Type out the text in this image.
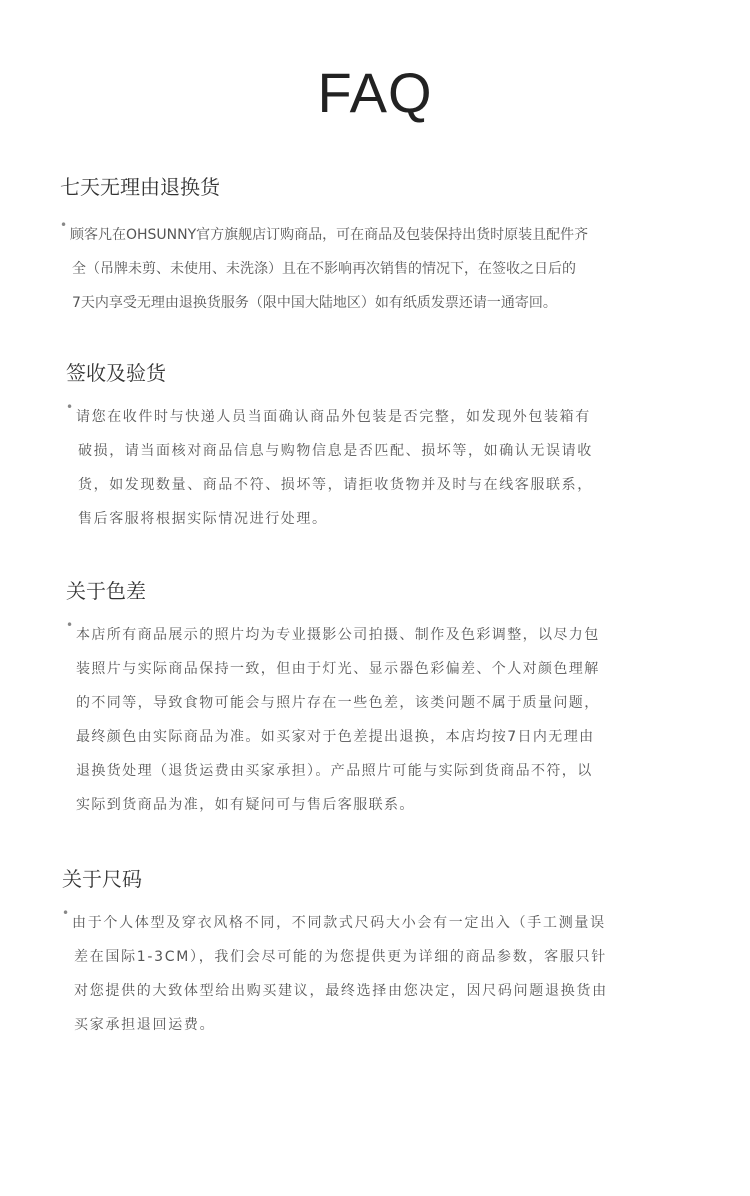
FAQ
七天无理由退换货
•
顾客凡在OHSUNNY官方旗舰店订购商品，可在商品及包装保持出货时原装且配件齐
全（吊牌未剪、未使用、未洗涤）且在不影响再次销售的情况下，在签收之日后的
7天内享受无理由退换货服务（限中国大陆地区）如有纸质发票还请一通寄回。
签收及验货
•
请您在收件时与快递人员当面确认商品外包装是否完整，如发现外包装箱有
破损，请当面核对商品信息与购物信息是否匹配、损坏等，如确认无误请收
货，如发现数量、商品不符、损坏等，请拒收货物并及时与在线客服联系，
售后客服将根据实际情况进行处理。
关于色差
•
本店所有商品展示的照片均为专业摄影公司拍摄、制作及色彩调整，以尽力包
装照片与实际商品保持一致，但由于灯光、显示器色彩偏差、个人对颜色理解
的不同等，导致食物可能会与照片存在一些色差，该类问题不属于质量问题，
最终颜色由实际商品为准。如买家对于色差提出退换，本店均按7日内无理由
退换货处理（退货运费由买家承担）。产品照片可能与实际到货商品不符，以
实际到货商品为准，如有疑问可与售后客服联系。
关于尺码
•
由于个人体型及穿衣风格不同，不同款式尺码大小会有一定出入（手工测量误
差在国际1-3CM），我们会尽可能的为您提供更为详细的商品参数，客服只针
对您提供的大致体型给出购买建议，最终选择由您决定，因尺码问题退换货由
买家承担退回运费。
